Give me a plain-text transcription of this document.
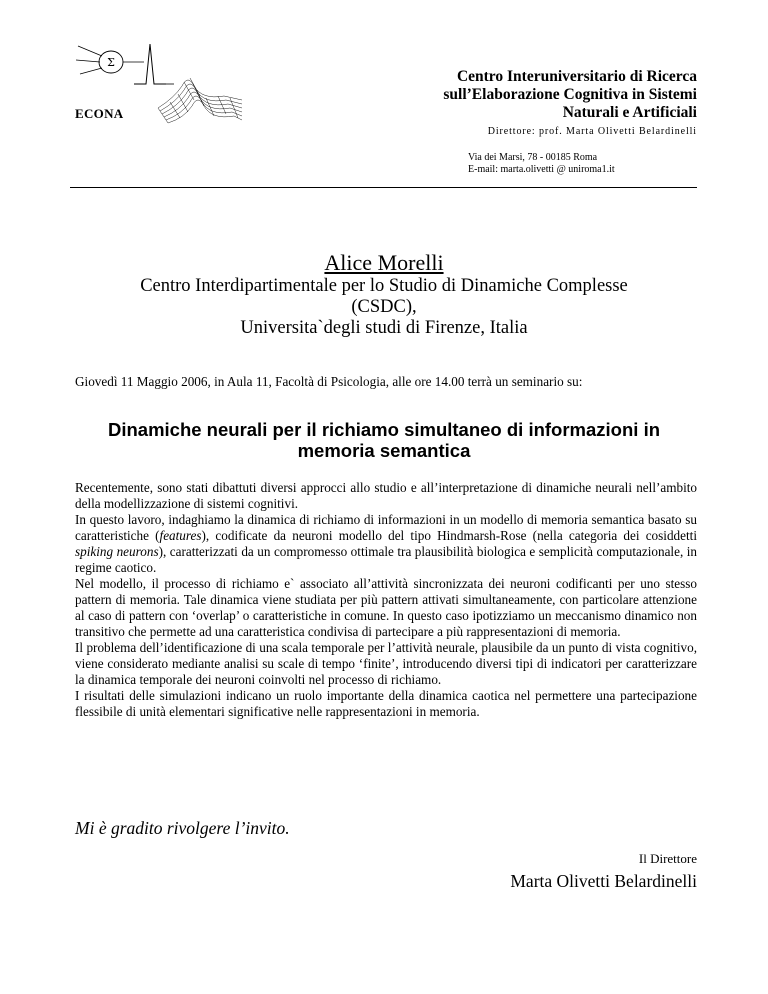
Σ
ECONA
Centro Interuniversitario di Ricerca
sull’Elaborazione Cognitiva in Sistemi
Naturali e Artificiali
Direttore: prof. Marta Olivetti Belardinelli
Via dei Marsi, 78 - 00185 Roma
E-mail: marta.olivetti @ uniroma1.it
Alice Morelli
Centro Interdipartimentale per lo Studio di Dinamiche Complesse
(CSDC),
Universita`degli studi di Firenze, Italia
Giovedì 11 Maggio 2006, in Aula 11, Facoltà di Psicologia, alle ore 14.00 terrà un seminario su:
Dinamiche neurali per il richiamo simultaneo di informazioni in
memoria semantica

Recentemente, sono stati dibattuti diversi approcci allo studio e all’interpretazione di dinamiche neurali nell’ambito della modellizzazione di sistemi cognitivi.

In questo lavoro, indaghiamo la dinamica di richiamo di informazioni in un modello di memoria semantica basato su caratteristiche (features), codificate da neuroni modello del tipo Hindmarsh-Rose (nella categoria dei cosiddetti spiking neurons), caratterizzati da un compromesso ottimale tra plausibilità biologica e semplicità computazionale, in regime caotico.

Nel modello, il processo di richiamo e` associato all’attività sincronizzata dei neuroni codificanti per uno stesso pattern di memoria. Tale dinamica viene studiata per più pattern attivati simultaneamente, con particolare attenzione al caso di pattern con ‘overlap’ o caratteristiche in comune. In questo caso ipotizziamo un meccanismo dinamico non transitivo che permette ad una caratteristica condivisa di partecipare a più rappresentazioni di memoria.

Il problema dell’identificazione di una scala temporale per l’attività neurale, plausibile da un punto di vista cognitivo, viene considerato mediante analisi su scale di tempo ‘finite’, introducendo diversi tipi di indicatori per caratterizzare la dinamica temporale dei neuroni coinvolti nel processo di richiamo.

I risultati delle simulazioni indicano un ruolo importante della dinamica caotica nel permettere una partecipazione flessibile di unità elementari significative nelle rappresentazioni in memoria.

Mi è gradito rivolgere l’invito.
Il Direttore
Marta Olivetti Belardinelli
